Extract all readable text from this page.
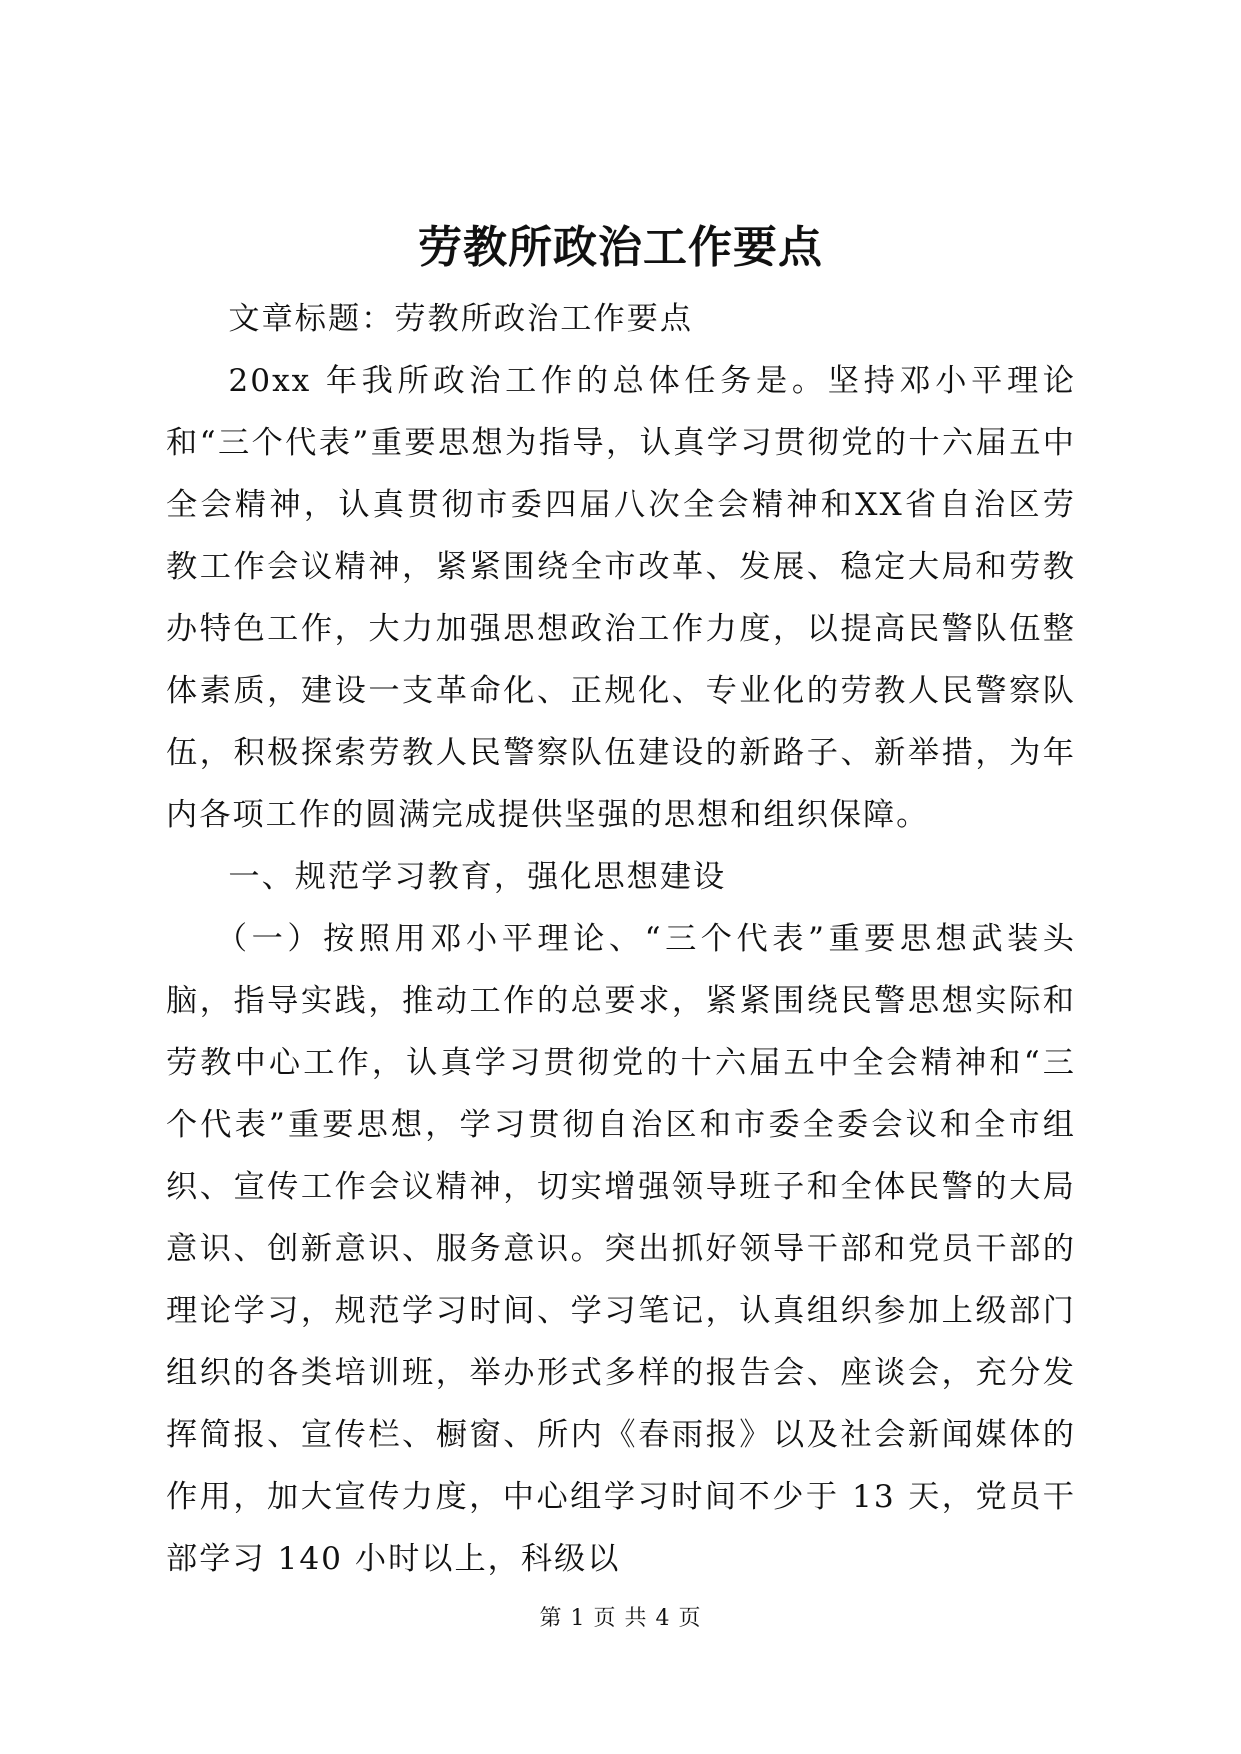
劳教所政治工作要点

文章标题：劳教所政治工作要点

20xx 年我所政治工作的总体任务是。坚持邓小平理论和“三个代表”重要思想为指导，认真学习贯彻党的十六届五中全会精神，认真贯彻市委四届八次全会精神和XX省自治区劳教工作会议精神，紧紧围绕全市改革、发展、稳定大局和劳教办特色工作，大力加强思想政治工作力度，以提高民警队伍整体素质，建设一支革命化、正规化、专业化的劳教人民警察队伍，积极探索劳教人民警察队伍建设的新路子、新举措，为年内各项工作的圆满完成提供坚强的思想和组织保障。

一、规范学习教育，强化思想建设

（一）按照用邓小平理论、“三个代表”重要思想武装头脑，指导实践，推动工作的总要求，紧紧围绕民警思想实际和劳教中心工作，认真学习贯彻党的十六届五中全会精神和“三个代表”重要思想，学习贯彻自治区和市委全委会议和全市组织、宣传工作会议精神，切实增强领导班子和全体民警的大局意识、创新意识、服务意识。突出抓好领导干部和党员干部的理论学习，规范学习时间、学习笔记，认真组织参加上级部门组织的各类培训班，举办形式多样的报告会、座谈会，充分发挥简报、宣传栏、橱窗、所内《春雨报》以及社会新闻媒体的作用，加大宣传力度，中心组学习时间不少于 13 天，党员干部学习 140 小时以上，科级以

第 1 页 共 4 页
